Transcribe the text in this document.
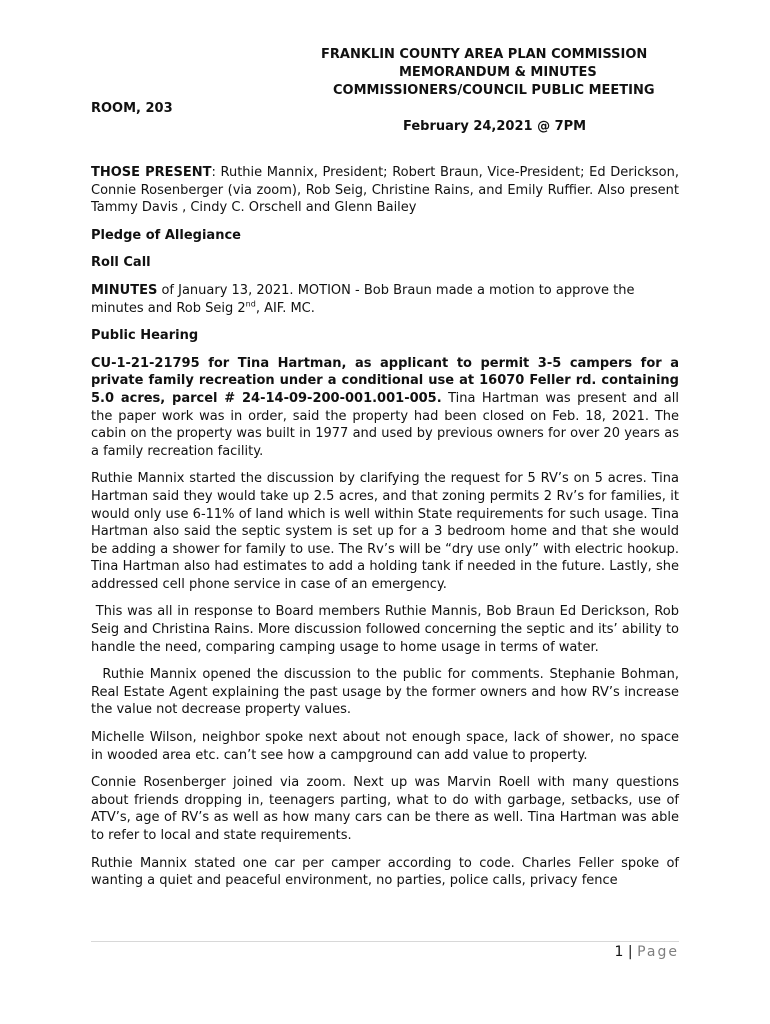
FRANKLIN COUNTY AREA PLAN COMMISSION

MEMORANDUM & MINUTES

COMMISSIONERS/COUNCIL PUBLIC MEETING

ROOM, 203

February 24,2021 @ 7PM

THOSE PRESENT: Ruthie Mannix, President; Robert Braun, Vice-President; Ed Derickson, Connie Rosenberger (via zoom), Rob Seig, Christine Rains, and Emily Ruffier. Also present Tammy Davis , Cindy C. Orschell and Glenn Bailey

Pledge of Allegiance

Roll Call

MINUTES of January 13, 2021. MOTION - Bob Braun made a motion to approve the minutes and Rob Seig 2nd, AIF. MC.

Public Hearing

CU-1-21-21795 for Tina Hartman, as applicant to permit 3-5 campers for a private family recreation under a conditional use at 16070 Feller rd. containing 5.0 acres, parcel # 24-14-09-200-001.001-005. Tina Hartman was present and all the paper work was in order, said the property had been closed on Feb. 18, 2021. The cabin on the property was built in 1977 and used by previous owners for over 20 years as a family recreation facility.

Ruthie Mannix started the discussion by clarifying the request for 5 RV’s on 5 acres. Tina Hartman said they would take up 2.5 acres, and that zoning permits 2 Rv’s for families, it would only use 6-11% of land which is well within State requirements for such usage. Tina Hartman also said the septic system is set up for a 3 bedroom home and that she would be adding a shower for family to use. The Rv’s will be “dry use only” with electric hookup. Tina Hartman also had estimates to add a holding tank if needed in the future. Lastly, she addressed cell phone service in case of an emergency.

This was all in response to Board members Ruthie Mannis, Bob Braun Ed Derickson, Rob Seig and Christina Rains. More discussion followed concerning the septic and its’ ability to handle the need, comparing camping usage to home usage in terms of water.

Ruthie Mannix opened the discussion to the public for comments. Stephanie Bohman, Real Estate Agent explaining the past usage by the former owners and how RV’s increase the value not decrease property values.

Michelle Wilson, neighbor spoke next about not enough space, lack of shower, no space in wooded area etc. can’t see how a campground can add value to property.

Connie Rosenberger joined via zoom. Next up was Marvin Roell with many questions about friends dropping in, teenagers parting, what to do with garbage, setbacks, use of ATV’s, age of RV’s as well as how many cars can be there as well. Tina Hartman was able to refer to local and state requirements.

Ruthie Mannix stated one car per camper according to code. Charles Feller spoke of wanting a quiet and peaceful environment, no parties, police calls, privacy fence

1 | Page
